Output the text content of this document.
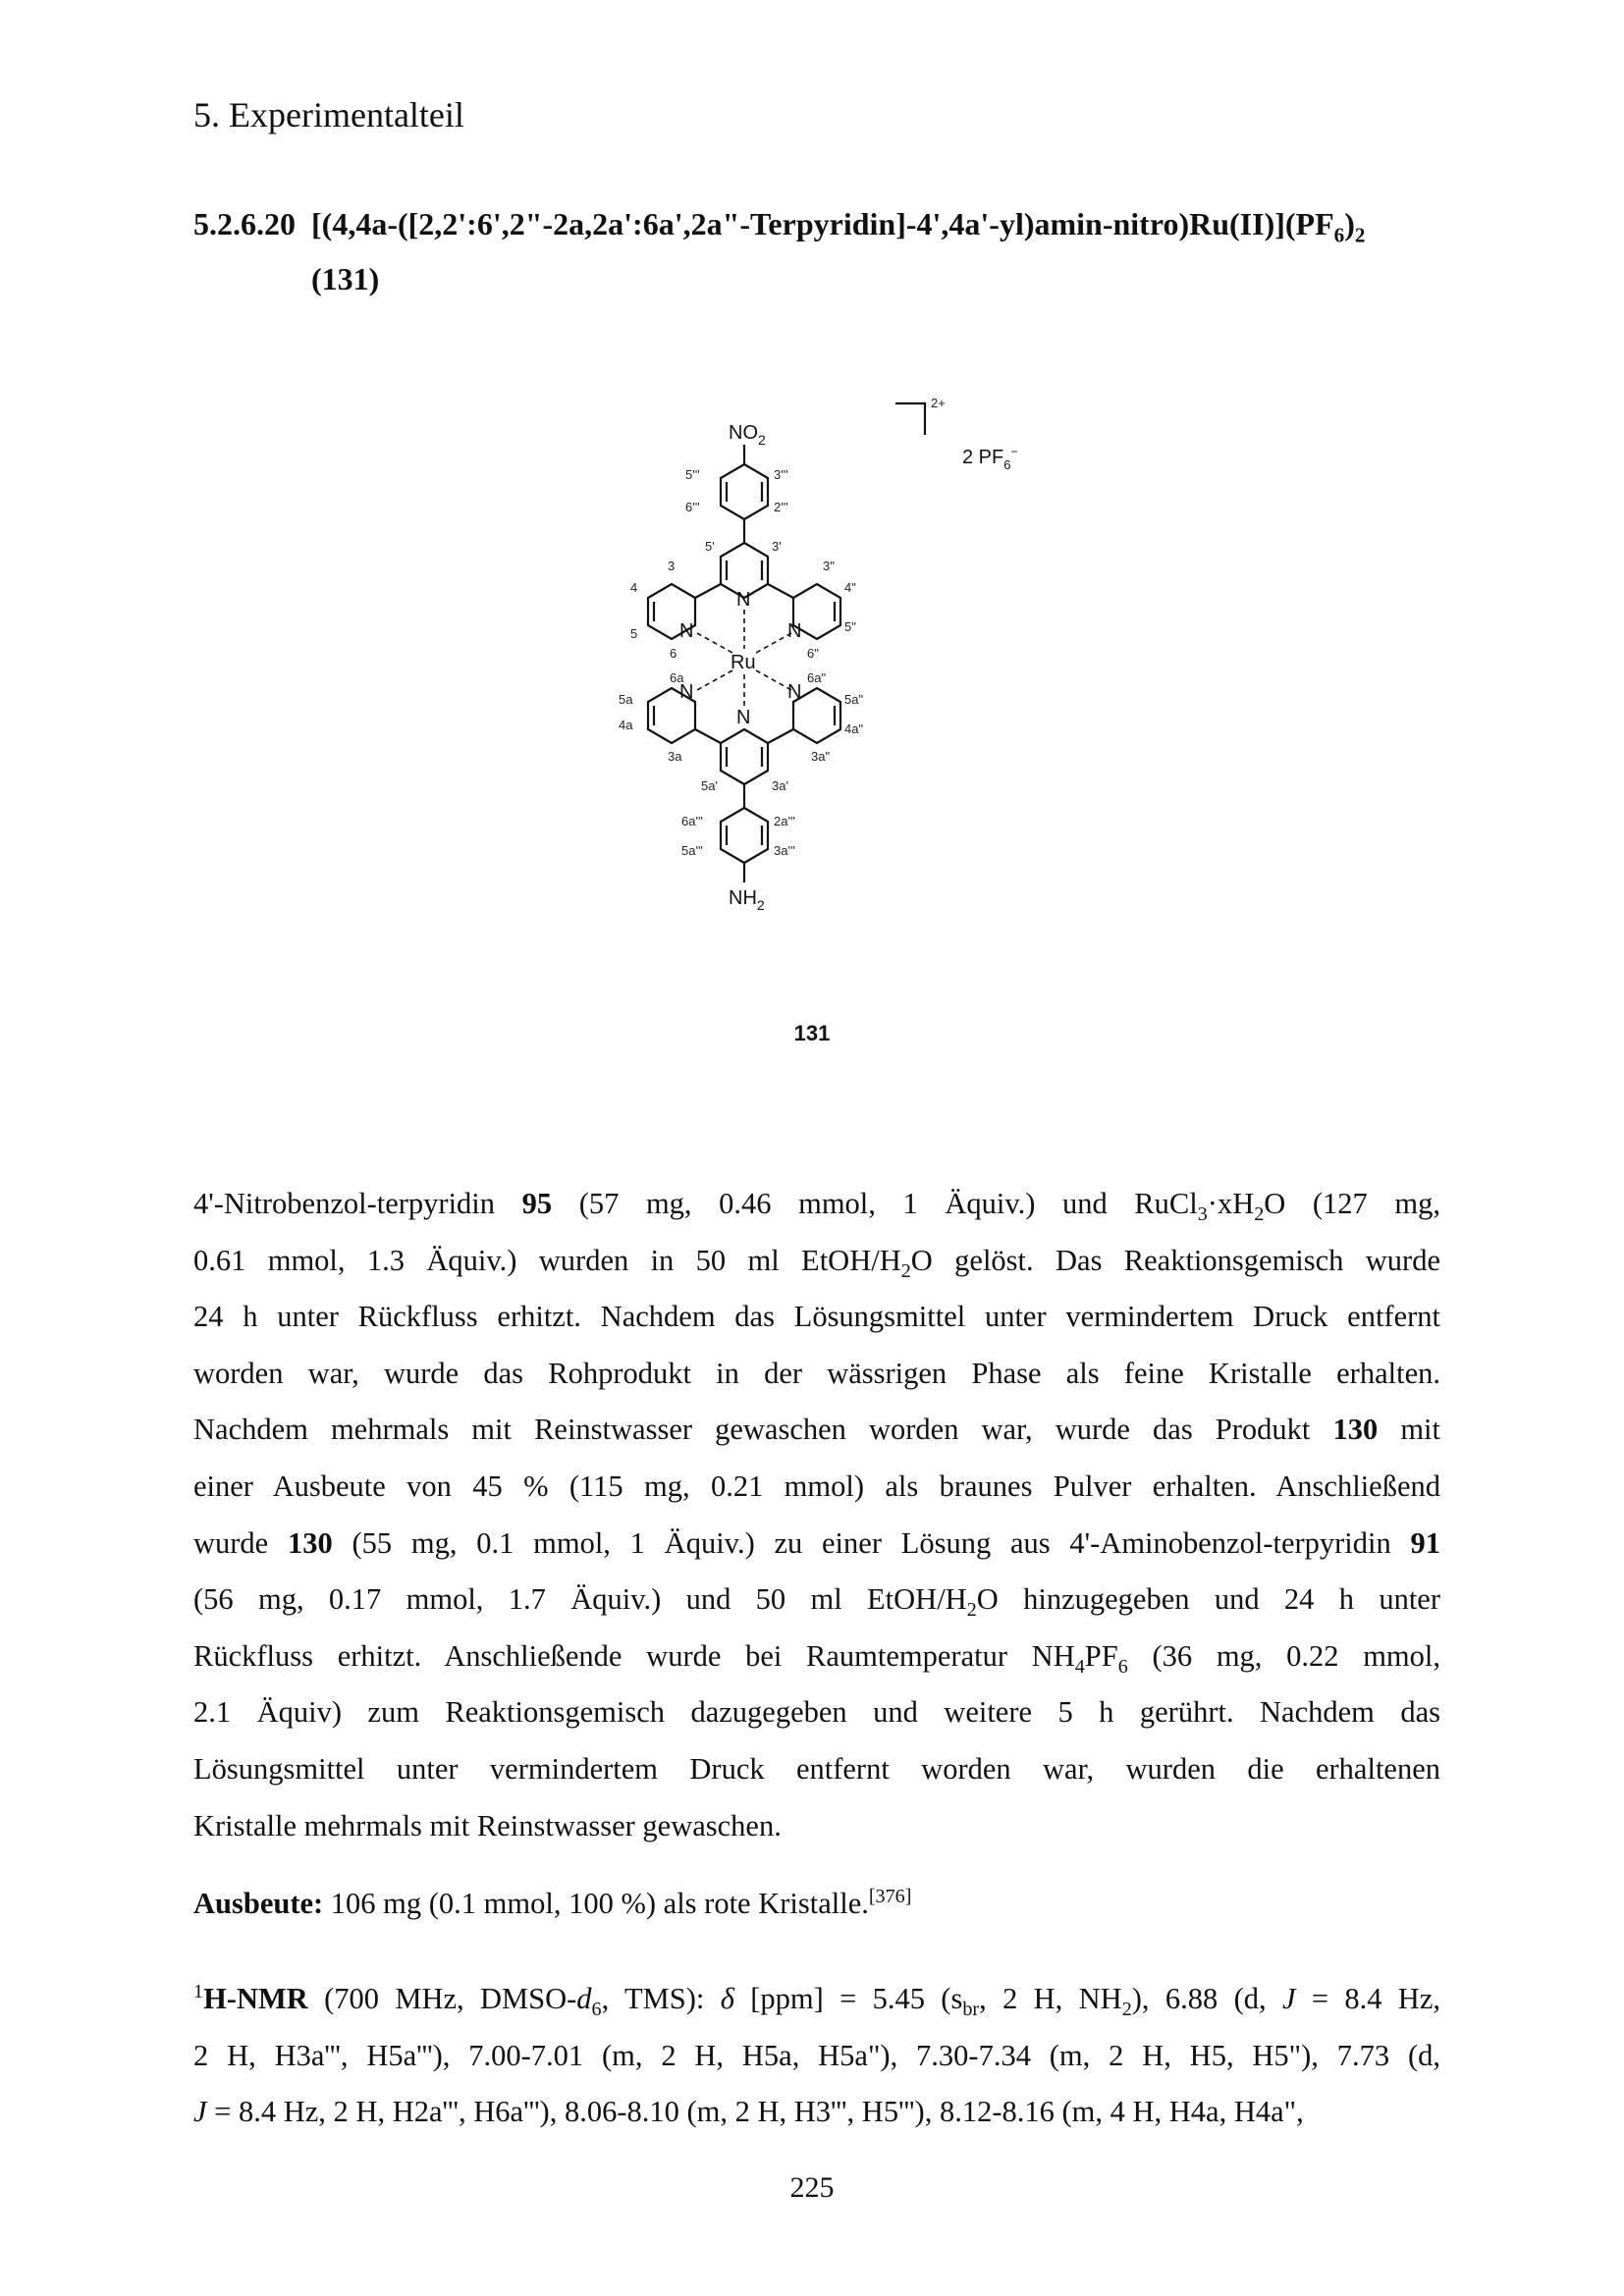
5. Experimentalteil
5.2.6.20 $[(4,4a-([2,2':6',2"-2a,2a':6a',2a"-Terpyridin]-4',4a'-yl)amin-nitro)Ru(II)](PF_6)_2$
(131)
2+
2 $PF_6^-$
$NO_2$
5'''	3'''
6'''	2'''
N
5'	3'
N
3	3"
4	4"
5	5"
6	6"
N
Ru
N
6a	6a"
5a	5a"
4a	4a"
3a	3a"
N
N
5a'	3a'
6a'''	2a'''
5a'''	3a'''
$NH_2$
131
4'-Nitrobenzol-terpyridin 95 (57 mg, 0.46 mmol, 1 Äquiv.) und $RuCl_3\cdot xH_2O$ (127 mg,
0.61 mmol, 1.3 Äquiv.) wurden in 50 ml EtOH/$H_2O$ gelöst. Das Reaktionsgemisch wurde
24 h unter Rückfluss erhitzt. Nachdem das Lösungsmittel unter vermindertem Druck entfernt
worden war, wurde das Rohprodukt in der wässrigen Phase als feine Kristalle erhalten.
Nachdem mehrmals mit Reinstwasser gewaschen worden war, wurde das Produkt 130 mit
einer Ausbeute von 45 % (115 mg, 0.21 mmol) als braunes Pulver erhalten. Anschließend
wurde 130 (55 mg, 0.1 mmol, 1 Äquiv.) zu einer Lösung aus 4'-Aminobenzol-terpyridin 91
(56 mg, 0.17 mmol, 1.7 Äquiv.) und 50 ml EtOH/$H_2O$ hinzugegeben und 24 h unter
Rückfluss erhitzt. Anschließende wurde bei Raumtemperatur $NH_4PF_6$ (36 mg, 0.22 mmol,
2.1 Äquiv) zum Reaktionsgemisch dazugegeben und weitere 5 h gerührt. Nachdem das
Lösungsmittel unter vermindertem Druck entfernt worden war, wurden die erhaltenen
Kristalle mehrmals mit Reinstwasser gewaschen.
Ausbeute: 106 mg (0.1 mmol, 100 %) als rote Kristalle.[376]
$^1$H-NMR (700 MHz, DMSO-$d_6$, TMS): δ [ppm] = 5.45 ($s_{br}$, 2 H, $NH_2$), 6.88 (d, J = 8.4 Hz,
2 H, H3a''', H5a'''), 7.00-7.01 (m, 2 H, H5a, H5a"), 7.30-7.34 (m, 2 H, H5, H5"), 7.73 (d,
J = 8.4 Hz, 2 H, H2a''', H6a'''), 8.06-8.10 (m, 2 H, H3''', H5'''), 8.12-8.16 (m, 4 H, H4a, H4a",
225
